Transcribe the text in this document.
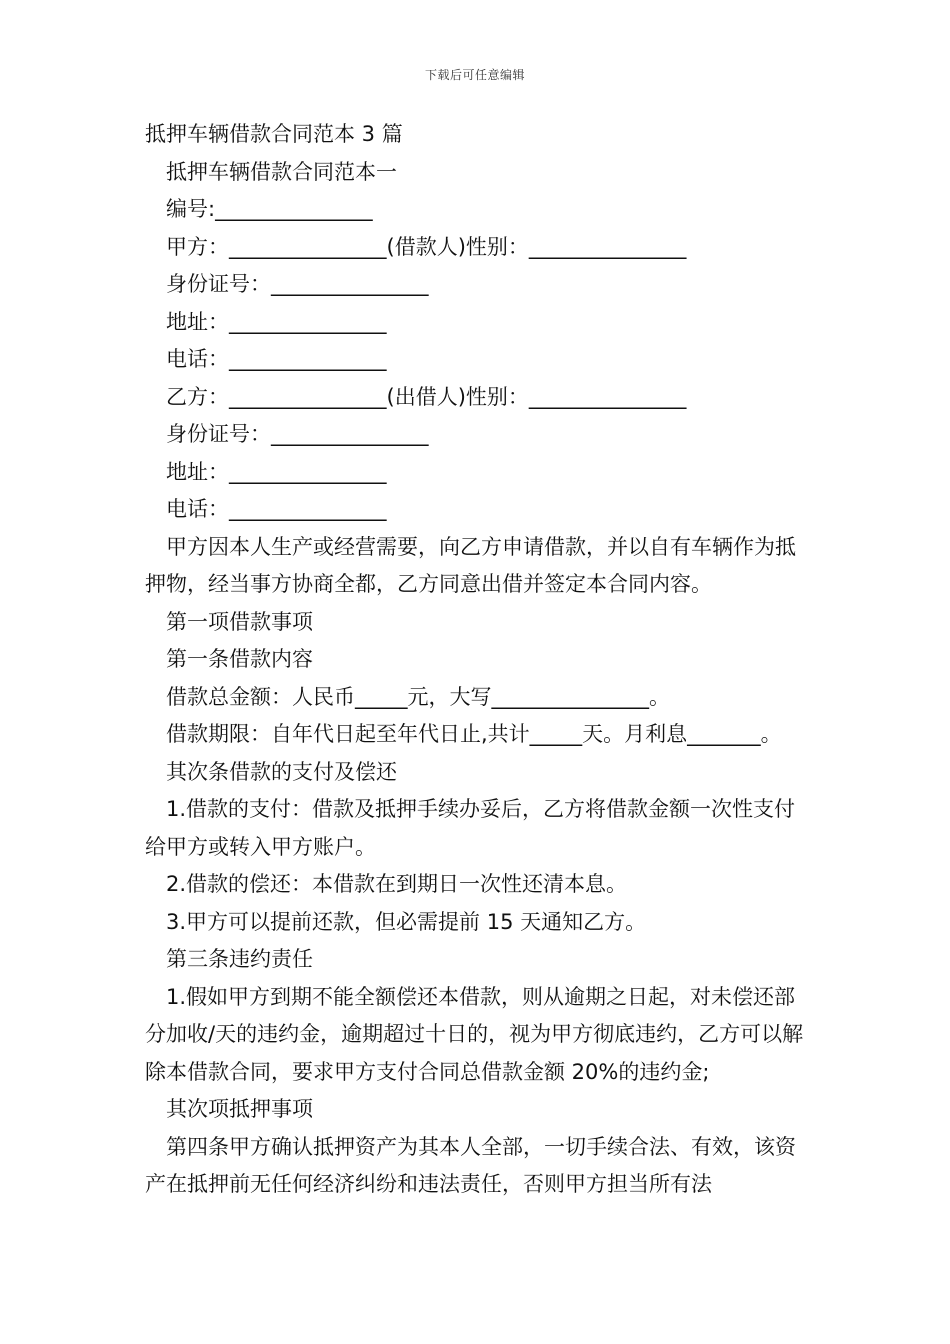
下载后可任意编辑
抵押车辆借款合同范本 3 篇
抵押车辆借款合同范本一
编号:_______________
甲方：_______________(借款人)性别：_______________
身份证号：_______________
地址：_______________
电话：_______________
乙方：_______________(出借人)性别：_______________
身份证号：_______________
地址：_______________
电话：_______________
甲方因本人生产或经营需要，向乙方申请借款，并以自有车辆作为抵押物，经当事方协商全都，乙方同意出借并签定本合同内容。
第一项借款事项
第一条借款内容
借款总金额：人民币_____元，大写_______________。
借款期限：自年代日起至年代日止,共计_____天。月利息_______。
其次条借款的支付及偿还
1.借款的支付：借款及抵押手续办妥后，乙方将借款金额一次性支付给甲方或转入甲方账户。
2.借款的偿还：本借款在到期日一次性还清本息。
3.甲方可以提前还款，但必需提前 15 天通知乙方。
第三条违约责任
1.假如甲方到期不能全额偿还本借款，则从逾期之日起，对未偿还部分加收/天的违约金，逾期超过十日的，视为甲方彻底违约，乙方可以解除本借款合同，要求甲方支付合同总借款金额 20%的违约金;
其次项抵押事项
第四条甲方确认抵押资产为其本人全部，一切手续合法、有效，该资产在抵押前无任何经济纠纷和违法责任，否则甲方担当所有法
